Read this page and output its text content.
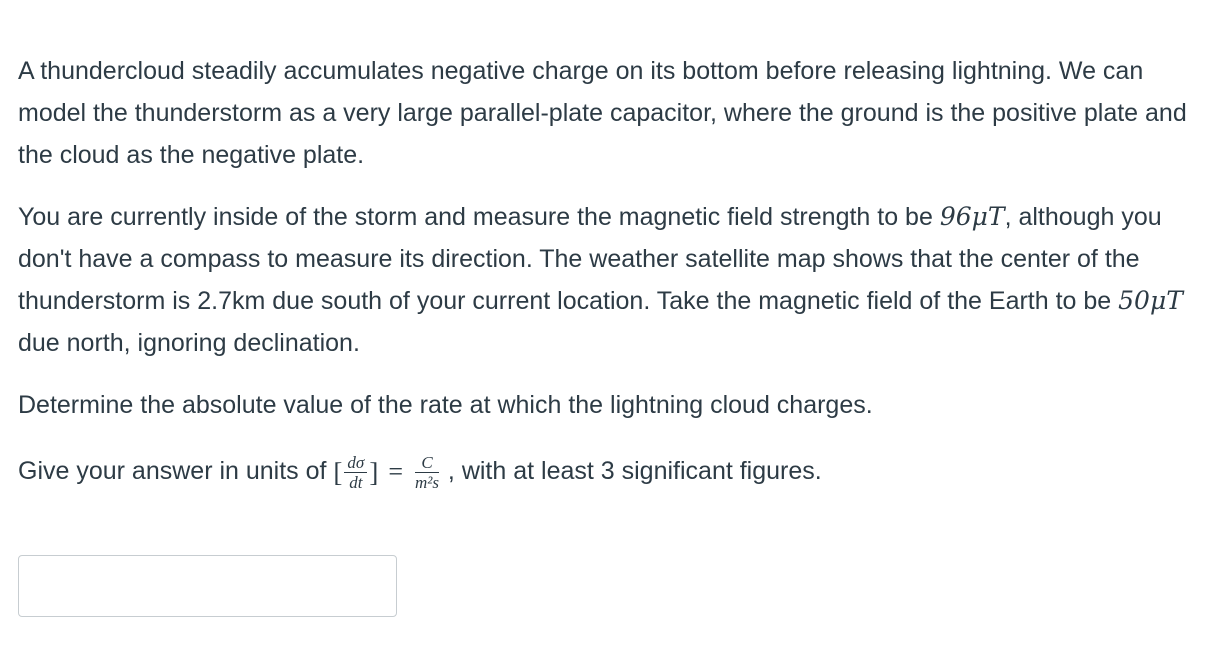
A thundercloud steadily accumulates negative charge on its bottom before releasing lightning. We can model the thunderstorm as a very large parallel-plate capacitor, where the ground is the positive plate and the cloud as the negative plate.

You are currently inside of the storm and measure the magnetic field strength to be 96μT, although you don't have a compass to measure its direction. The weather satellite map shows that the center of the thunderstorm is 2.7km due south of your current location. Take the magnetic field of the Earth to be 50μT due north, ignoring declination.

Determine the absolute value of the rate at which the lightning cloud charges.

Give your answer in units of [ $\frac{d\sigma}{dt}$ ] = $\frac{C}{\text{m²s}}$ , with at least 3 significant figures.
